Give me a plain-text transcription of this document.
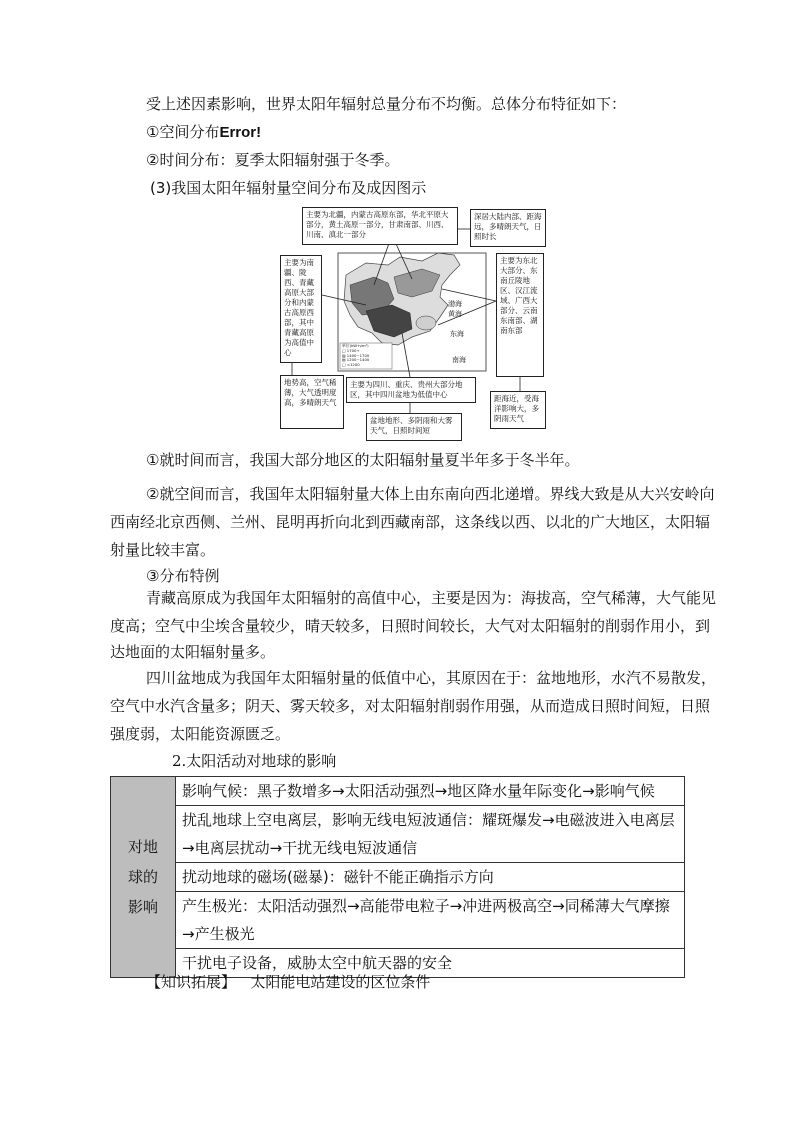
受上述因素影响，世界太阳年辐射总量分布不均衡。总体分布特征如下：
①空间分布Error!
②时间分布：夏季太阳辐射强于冬季。
(3)我国太阳年辐射量空间分布及成因图示
主要为北疆，内蒙古高原东部，华北平原大部分，黄土高原一部分，甘肃南部、川西、川南、滇北一部分
深居大陆内部、距海远，多晴朗天气，日照时长
主要为南疆、陇西、青藏高原大部分和内蒙古高原西部，其中青藏高原为高值中心
地势高，空气稀薄，大气透明度高，多晴朗天气
主要为东北大部分、东南丘陵地区、汉江流域、广西大部分、云南东南部、湖南东部
距海近，受海洋影响大，多阴雨天气
主要为四川、重庆、贵州大部分地区，其中四川盆地为低值中心
盆地地形、多阴雨和大雾天气，日照时间短
渤海
黄海
东海
南海
单位(kW·h/m²)
□ 1700+
▨ 1400~1700
▤ 1200~1400
□ <1200
①就时间而言，我国大部分地区的太阳辐射量夏半年多于冬半年。
②就空间而言，我国年太阳辐射量大体上由东南向西北递增。界线大致是从大兴安岭向
西南经北京西侧、兰州、昆明再折向北到西藏南部，这条线以西、以北的广大地区，太阳辐
射量比较丰富。
③分布特例
青藏高原成为我国年太阳辐射的高值中心，主要是因为：海拔高，空气稀薄，大气能见
度高；空气中尘埃含量较少，晴天较多，日照时间较长，大气对太阳辐射的削弱作用小，到
达地面的太阳辐射量多。
四川盆地成为我国年太阳辐射量的低值中心，其原因在于：盆地地形，水汽不易散发，
空气中水汽含量多；阴天、雾天较多，对太阳辐射削弱作用强，从而造成日照时间短，日照
强度弱，太阳能资源匮乏。
2.太阳活动对地球的影响
对地
球的
影响
	影响气候：黑子数增多→太阳活动强烈→地区降水量年际变化→影响气候
扰乱地球上空电离层，影响无线电短波通信：耀斑爆发→电磁波进入电离层→电离层扰动→干扰无线电短波通信
扰动地球的磁场(磁暴)：磁针不能正确指示方向
产生极光：太阳活动强烈→高能带电粒子→冲进两极高空→同稀薄大气摩擦→产生极光
干扰电子设备，威胁太空中航天器的安全
【知识拓展】 太阳能电站建设的区位条件
